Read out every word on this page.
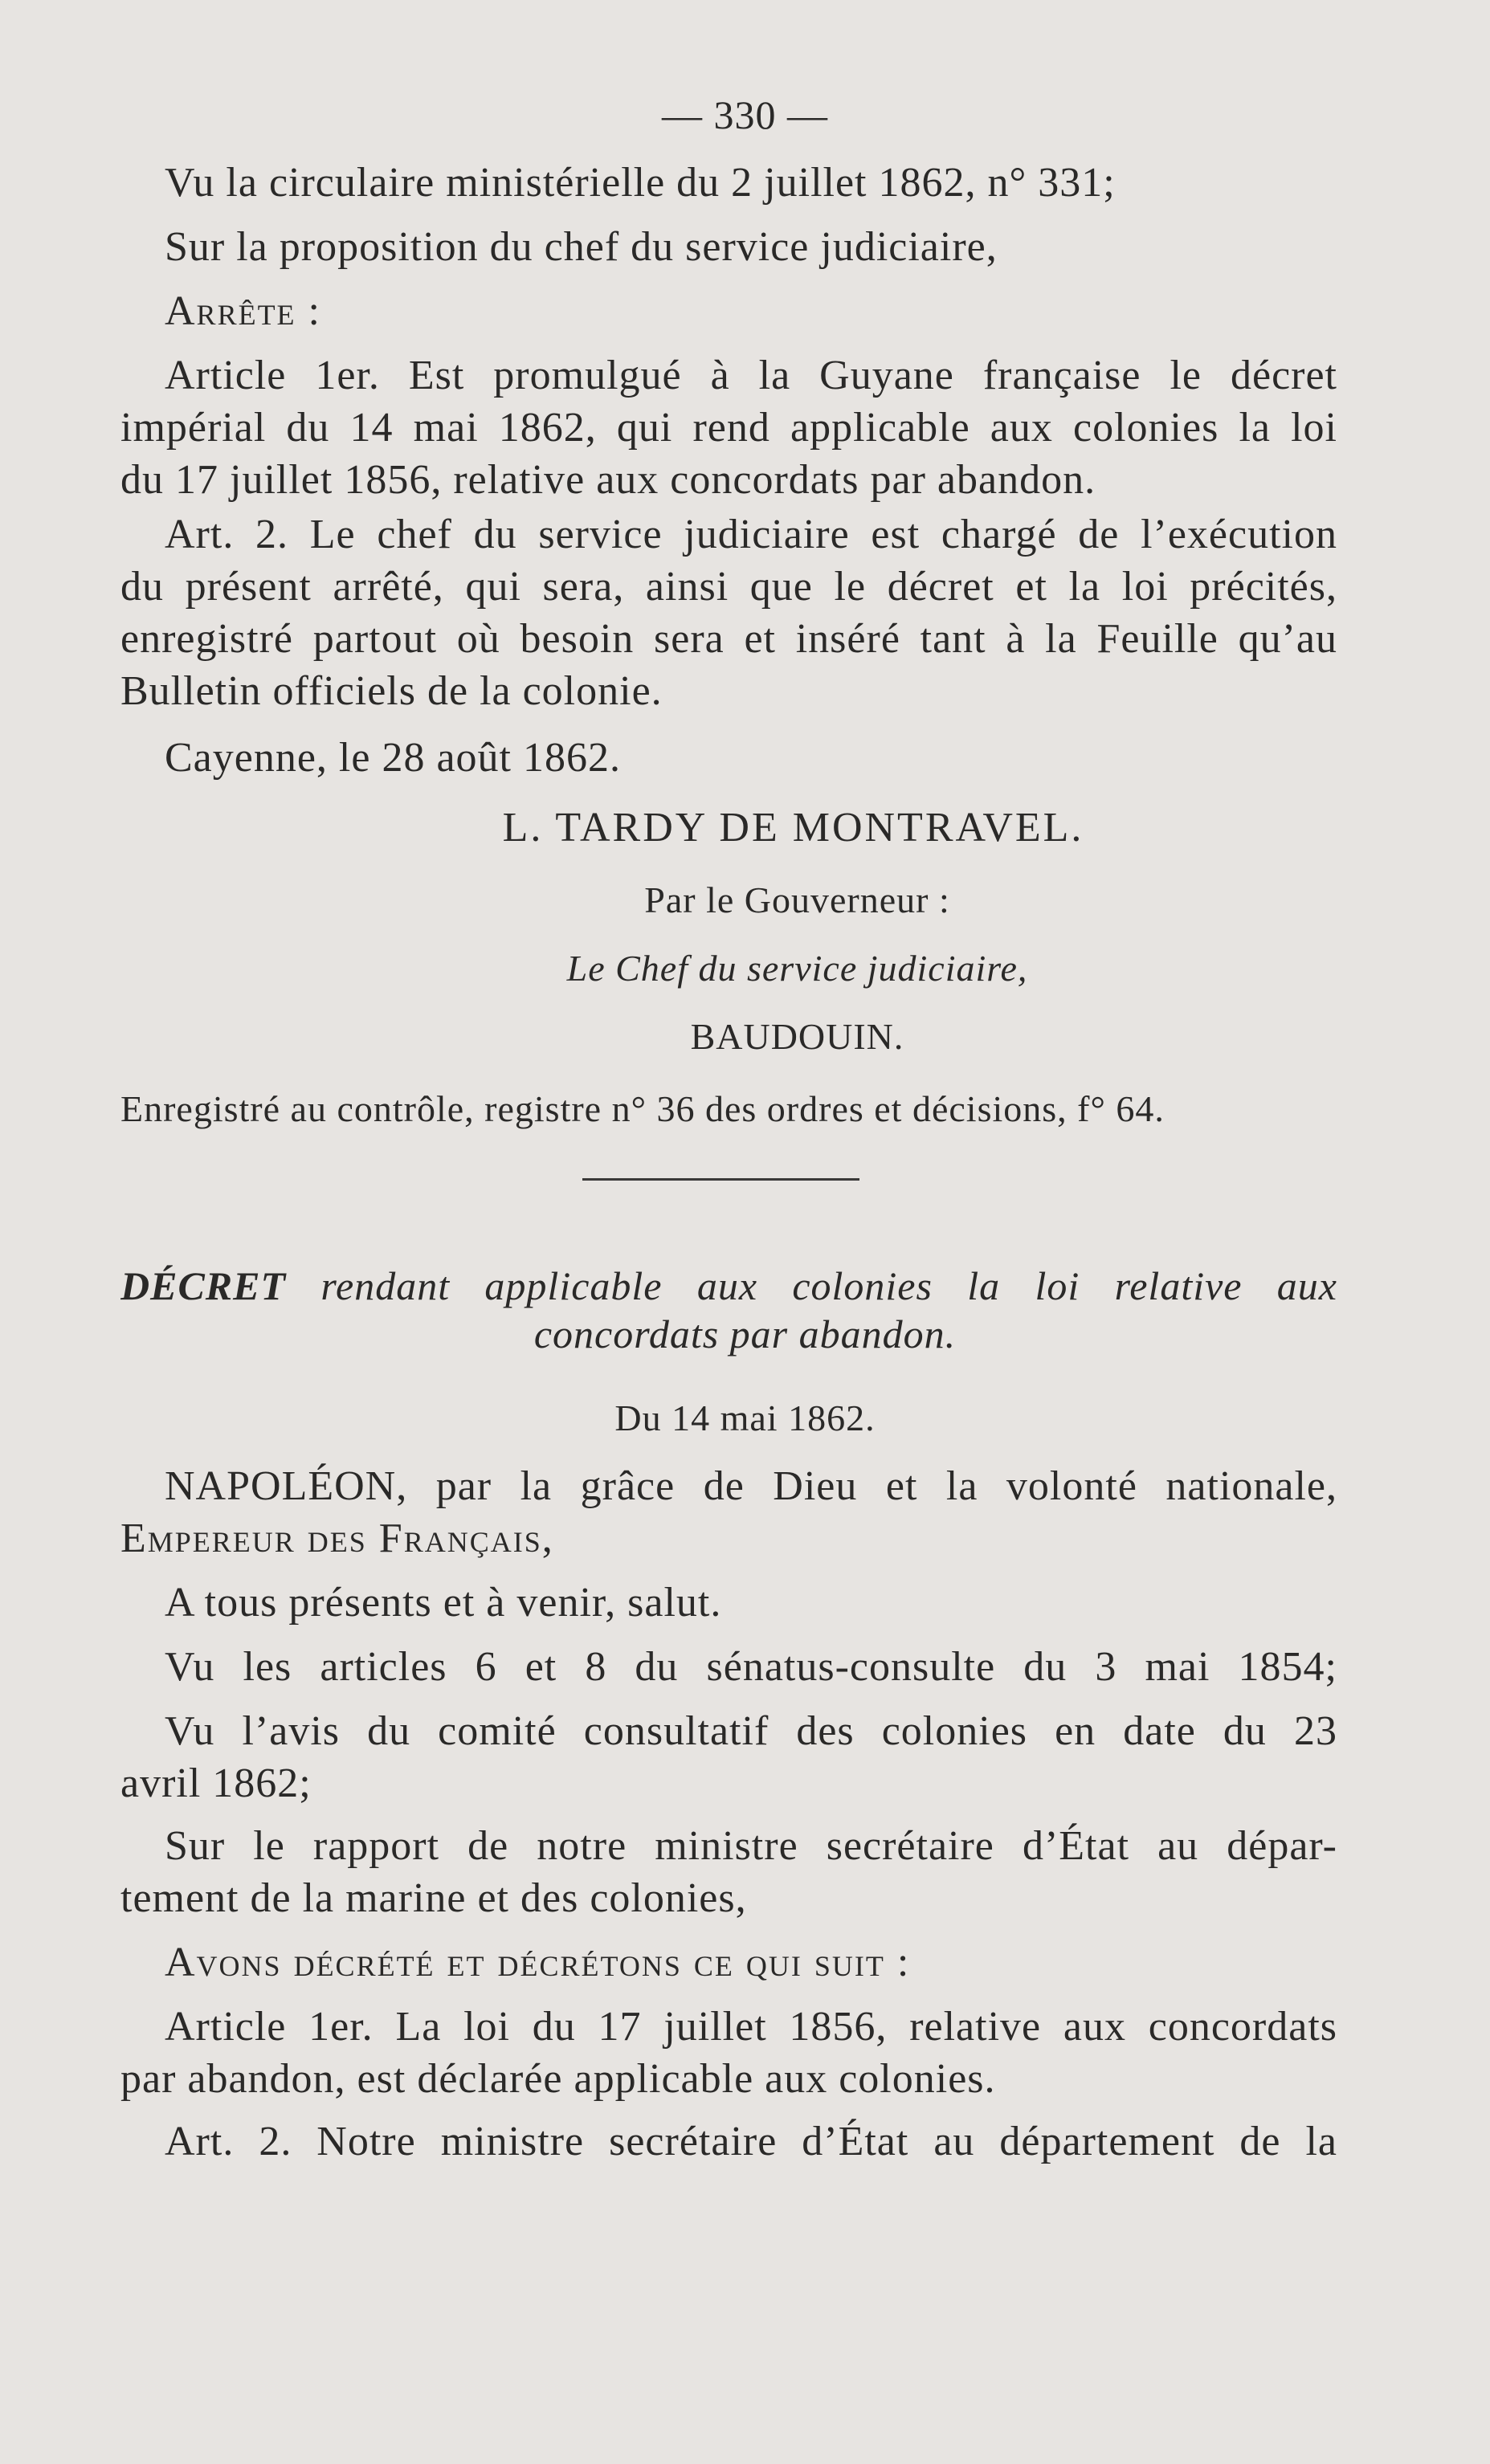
— 330 —
Vu la circulaire ministérielle du 2 juillet 1862, n° 331;
Sur la proposition du chef du service judiciaire,
Arrête :
Article 1er. Est promulgué à la Guyane française le décret
impérial du 14 mai 1862, qui rend applicable aux colonies la loi
du 17 juillet 1856, relative aux concordats par abandon.
Art. 2. Le chef du service judiciaire est chargé de l’exécution
du présent arrêté, qui sera, ainsi que le décret et la loi précités,
enregistré partout où besoin sera et inséré tant à la Feuille qu’au
Bulletin officiels de la colonie.
Cayenne, le 28 août 1862.
L. TARDY DE MONTRAVEL.
Par le Gouverneur :
Le Chef du service judiciaire,
BAUDOUIN.
Enregistré au contrôle, registre n° 36 des ordres et décisions, f° 64.
DÉCRET rendant applicable aux colonies la loi relative aux
concordats par abandon.
Du 14 mai 1862.
NAPOLÉON, par la grâce de Dieu et la volonté nationale,
Empereur des Français,
A tous présents et à venir, salut.
Vu les articles 6 et 8 du sénatus-consulte du 3 mai 1854;
Vu l’avis du comité consultatif des colonies en date du 23
avril 1862;
Sur le rapport de notre ministre secrétaire d’État au dépar-
tement de la marine et des colonies,
Avons décrété et décrétons ce qui suit :
Article 1er. La loi du 17 juillet 1856, relative aux concordats
par abandon, est déclarée applicable aux colonies.
Art. 2. Notre ministre secrétaire d’État au département de la
